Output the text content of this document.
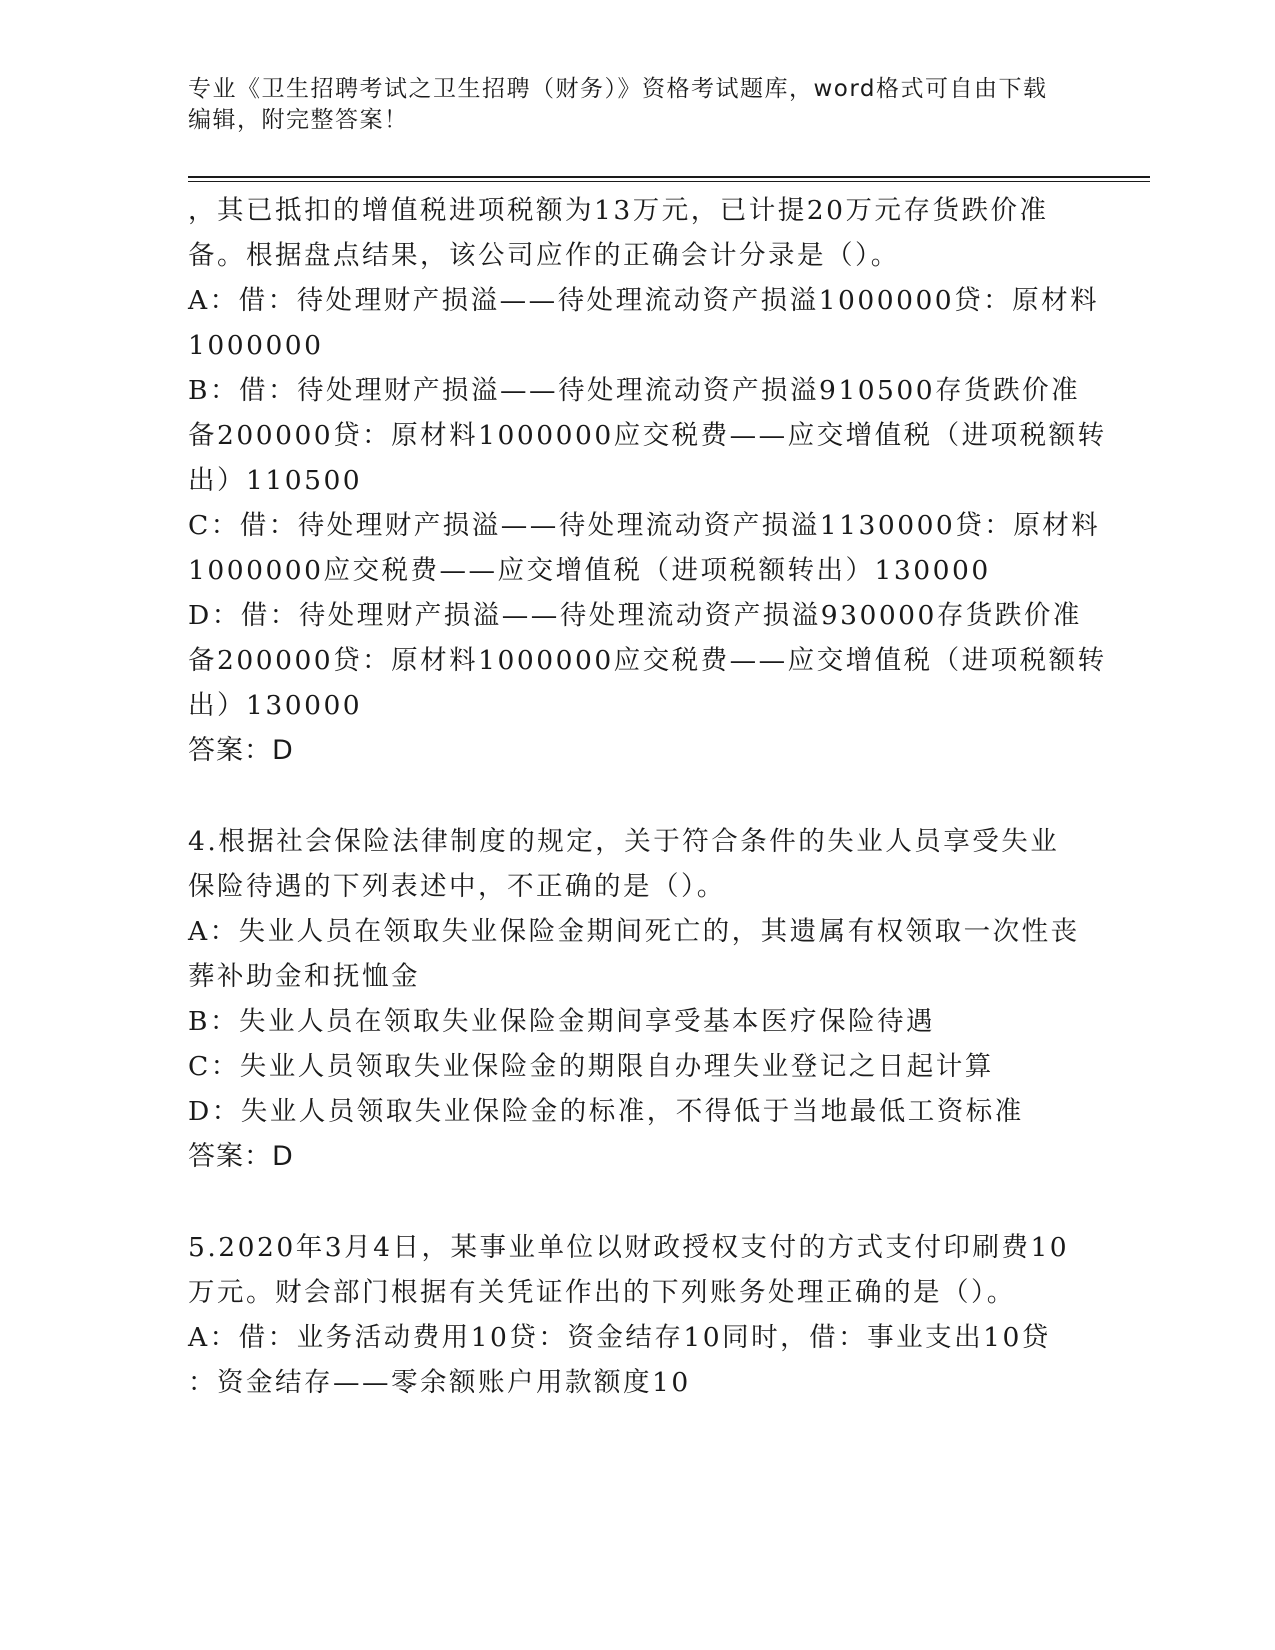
专业《卫生招聘考试之卫生招聘（财务）》资格考试题库，word格式可自由下载
编辑，附完整答案！
，其已抵扣的增值税进项税额为13万元，已计提20万元存货跌价准
备。根据盘点结果，该公司应作的正确会计分录是（）。
A：借：待处理财产损溢——待处理流动资产损溢1000000贷：原材料
1000000
B：借：待处理财产损溢——待处理流动资产损溢910500存货跌价准
备200000贷：原材料1000000应交税费——应交增值税（进项税额转
出）110500
C：借：待处理财产损溢——待处理流动资产损溢1130000贷：原材料
1000000应交税费——应交增值税（进项税额转出）130000
D：借：待处理财产损溢——待处理流动资产损溢930000存货跌价准
备200000贷：原材料1000000应交税费——应交增值税（进项税额转
出）130000
答案：D
4.根据社会保险法律制度的规定，关于符合条件的失业人员享受失业
保险待遇的下列表述中，不正确的是（）。
A：失业人员在领取失业保险金期间死亡的，其遗属有权领取一次性丧
葬补助金和抚恤金
B：失业人员在领取失业保险金期间享受基本医疗保险待遇
C：失业人员领取失业保险金的期限自办理失业登记之日起计算
D：失业人员领取失业保险金的标准，不得低于当地最低工资标准
答案：D
5.2020年3月4日，某事业单位以财政授权支付的方式支付印刷费10
万元。财会部门根据有关凭证作出的下列账务处理正确的是（）。
A：借：业务活动费用10贷：资金结存10同时，借：事业支出10贷
：资金结存——零余额账户用款额度10
